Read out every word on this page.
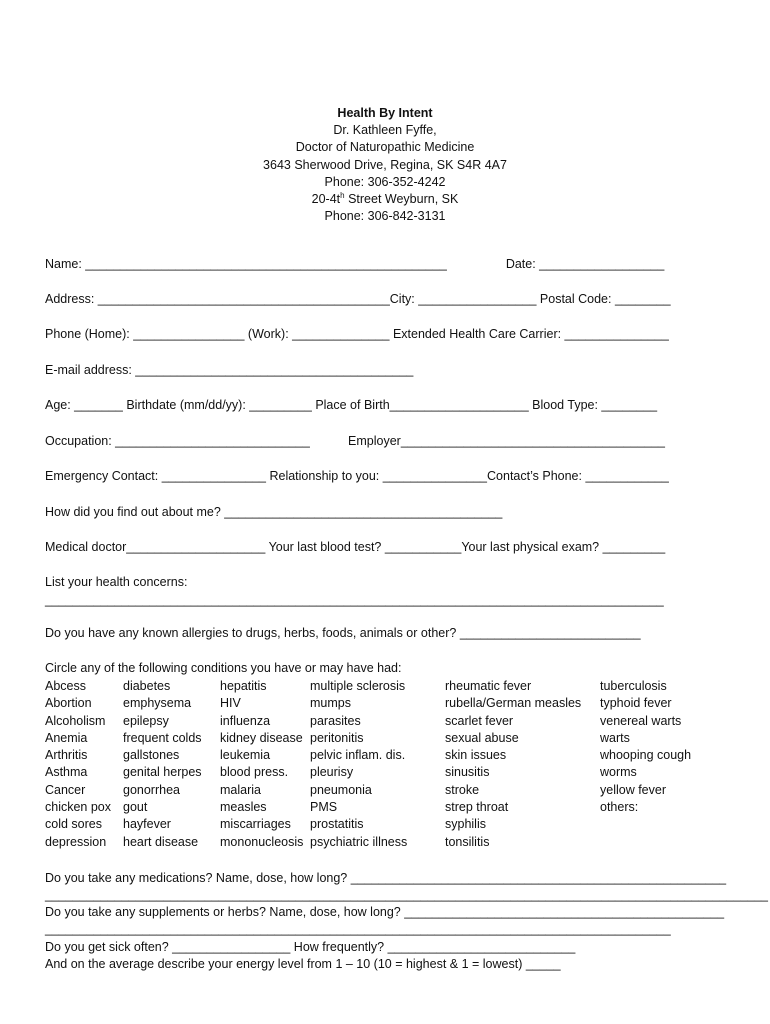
Health By Intent
Dr. Kathleen Fyffe,
Doctor of Naturopathic Medicine
3643 Sherwood Drive, Regina, SK S4R 4A7
Phone: 306-352-4242
$20-4t^h$ Street Weyburn, SK
Phone: 306-842-3131
Name: ____________________________________________________                 Date: __________________
Address: __________________________________________City: _________________ Postal Code: ________
Phone (Home): ________________ (Work): ______________ Extended Health Care Carrier: _______________
E-mail address: ________________________________________
Age: _______ Birthdate (mm/dd/yy): _________ Place of Birth____________________ Blood Type: ________
Occupation: ____________________________           Employer______________________________________
Emergency Contact: _______________ Relationship to you: _______________Contact’s Phone: ____________
How did you find out about me? ________________________________________
Medical doctor____________________ Your last blood test? ___________Your last physical exam? _________
List your health concerns:
_________________________________________________________________________________________
Do you have any known allergies to drugs, herbs, foods, animals or other? __________________________
Circle any of the following conditions you have or may have had:
Abcess
Abortion
Alcoholism
Anemia
Arthritis
Asthma
Cancer
chicken pox
cold sores
depression
diabetes
emphysema
epilepsy
frequent colds
gallstones
genital herpes
gonorrhea
gout
hayfever
heart disease
hepatitis
HIV
influenza
kidney disease
leukemia
blood press.
malaria
measles
miscarriages
mononucleosis
multiple sclerosis
mumps
parasites
peritonitis
pelvic inflam. dis.
pleurisy
pneumonia
PMS
prostatitis
psychiatric illness
rheumatic fever
rubella/German measles
scarlet fever
sexual abuse
skin issues
sinusitis
stroke
strep throat
syphilis
tonsilitis
tuberculosis
typhoid fever
venereal warts
warts
whooping cough
worms
yellow fever
others:
Do you take any medications? Name, dose, how long? ______________________________________________________
________________________________________________________________________________________________________
Do you take any supplements or herbs? Name, dose, how long? ______________________________________________
__________________________________________________________________________________________
Do you get sick often? _________________ How frequently? ___________________________
And on the average describe your energy level from 1 – 10 (10 = highest & 1 = lowest) _____
